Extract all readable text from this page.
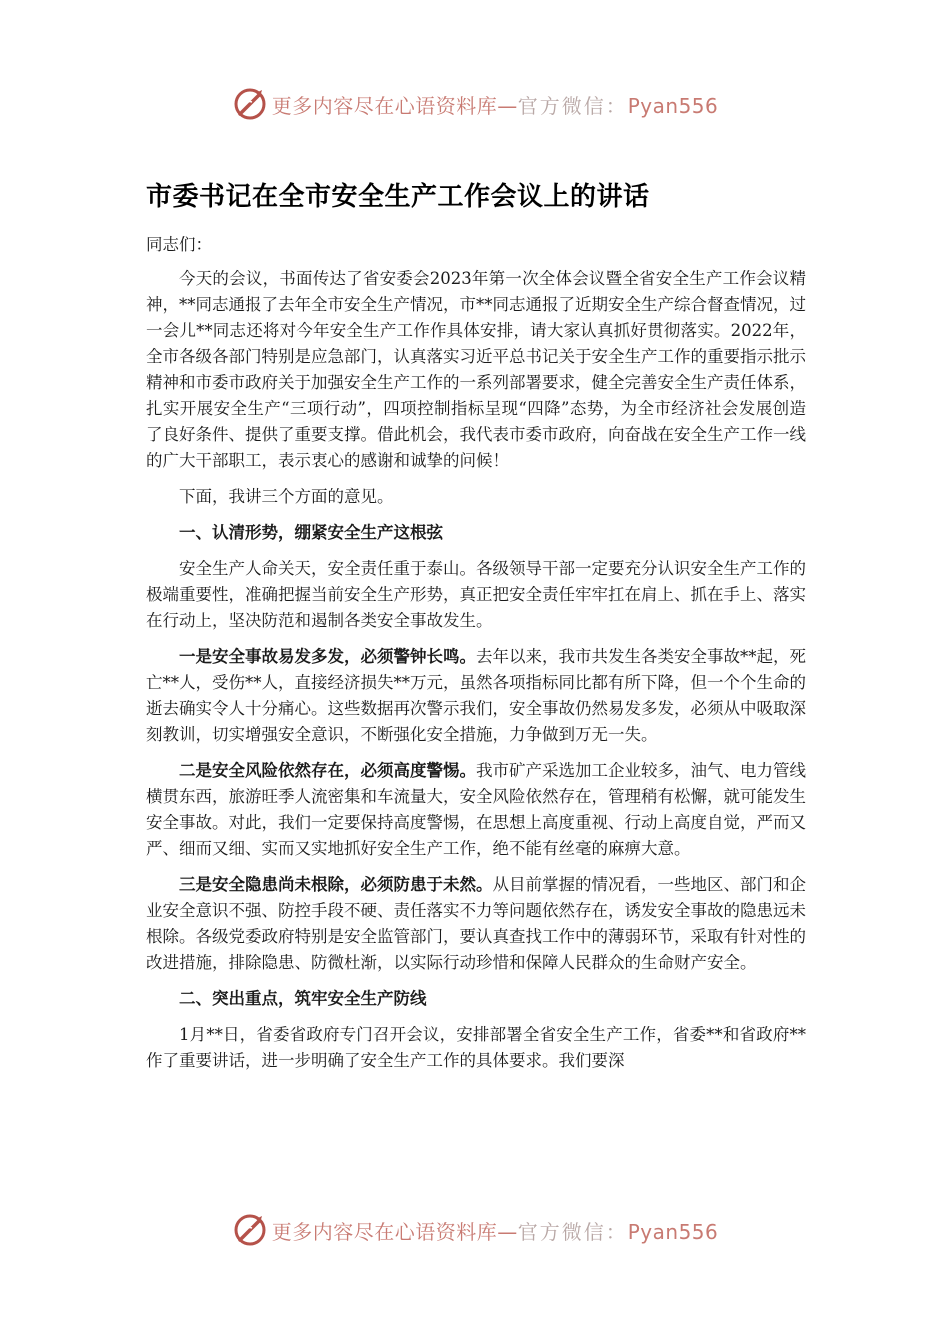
更多内容尽在心语资料库—官方微信：Pyan556
市委书记在全市安全生产工作会议上的讲话

同志们：

今天的会议，书面传达了省安委会2023年第一次全体会议暨全省安全生产工作会议精神，**同志通报了去年全市安全生产情况，市**同志通报了近期安全生产综合督查情况，过一会儿**同志还将对今年安全生产工作作具体安排，请大家认真抓好贯彻落实。2022年，全市各级各部门特别是应急部门，认真落实习近平总书记关于安全生产工作的重要指示批示精神和市委市政府关于加强安全生产工作的一系列部署要求，健全完善安全生产责任体系，扎实开展安全生产“三项行动”，四项控制指标呈现“四降”态势，为全市经济社会发展创造了良好条件、提供了重要支撑。借此机会，我代表市委市政府，向奋战在安全生产工作一线的广大干部职工，表示衷心的感谢和诚挚的问候！

下面，我讲三个方面的意见。

一、认清形势，绷紧安全生产这根弦

安全生产人命关天，安全责任重于泰山。各级领导干部一定要充分认识安全生产工作的极端重要性，准确把握当前安全生产形势，真正把安全责任牢牢扛在肩上、抓在手上、落实在行动上，坚决防范和遏制各类安全事故发生。

一是安全事故易发多发，必须警钟长鸣。去年以来，我市共发生各类安全事故**起，死亡**人，受伤**人，直接经济损失**万元，虽然各项指标同比都有所下降，但一个个生命的逝去确实令人十分痛心。这些数据再次警示我们，安全事故仍然易发多发，必须从中吸取深刻教训，切实增强安全意识，不断强化安全措施，力争做到万无一失。

二是安全风险依然存在，必须高度警惕。我市矿产采选加工企业较多，油气、电力管线横贯东西，旅游旺季人流密集和车流量大，安全风险依然存在，管理稍有松懈，就可能发生安全事故。对此，我们一定要保持高度警惕，在思想上高度重视、行动上高度自觉，严而又严、细而又细、实而又实地抓好安全生产工作，绝不能有丝毫的麻痹大意。

三是安全隐患尚未根除，必须防患于未然。从目前掌握的情况看，一些地区、部门和企业安全意识不强、防控手段不硬、责任落实不力等问题依然存在，诱发安全事故的隐患远未根除。各级党委政府特别是安全监管部门，要认真查找工作中的薄弱环节，采取有针对性的改进措施，排除隐患、防微杜渐，以实际行动珍惜和保障人民群众的生命财产安全。

二、突出重点，筑牢安全生产防线

1月**日，省委省政府专门召开会议，安排部署全省安全生产工作，省委**和省政府**作了重要讲话，进一步明确了安全生产工作的具体要求。我们要深

更多内容尽在心语资料库—官方微信：Pyan556
